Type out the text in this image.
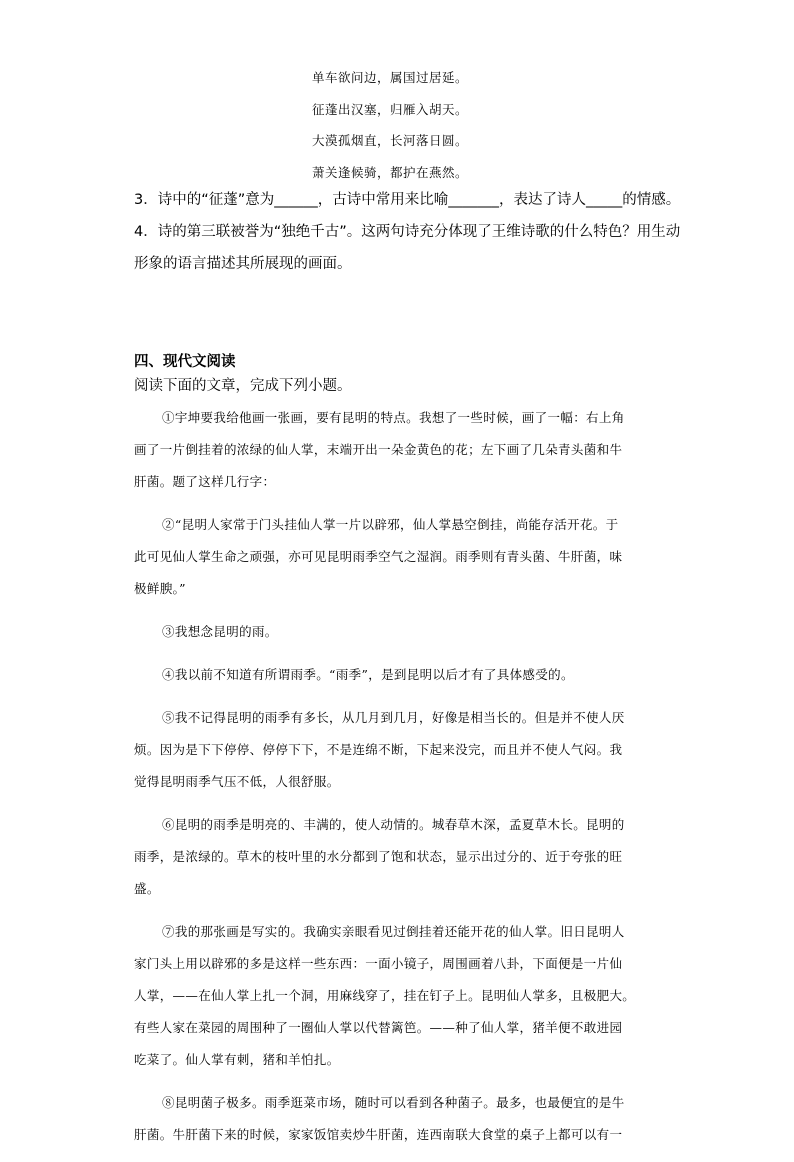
单车欲问边，属国过居延。
征蓬出汉塞，归雁入胡天。
大漠孤烟直，长河落日圆。
萧关逢候骑，都护在燕然。
3．诗中的“征蓬”意为______，古诗中常用来比喻_______，表达了诗人_____的情感。
4．诗的第三联被誉为“独绝千古”。这两句诗充分体现了王维诗歌的什么特色？用生动
形象的语言描述其所展现的画面。
四、现代文阅读
阅读下面的文章，完成下列小题。
①宇坤要我给他画一张画，要有昆明的特点。我想了一些时候，画了一幅：右上角
画了一片倒挂着的浓绿的仙人掌，末端开出一朵金黄色的花；左下画了几朵青头菌和牛
肝菌。题了这样几行字：
②“昆明人家常于门头挂仙人掌一片以辟邪，仙人掌悬空倒挂，尚能存活开花。于
此可见仙人掌生命之顽强，亦可见昆明雨季空气之湿润。雨季则有青头菌、牛肝菌，味
极鲜腴。”
③我想念昆明的雨。
④我以前不知道有所谓雨季。“雨季”，是到昆明以后才有了具体感受的。
⑤我不记得昆明的雨季有多长，从几月到几月，好像是相当长的。但是并不使人厌
烦。因为是下下停停、停停下下，不是连绵不断，下起来没完，而且并不使人气闷。我
觉得昆明雨季气压不低，人很舒服。
⑥昆明的雨季是明亮的、丰满的，使人动情的。城春草木深，孟夏草木长。昆明的
雨季，是浓绿的。草木的枝叶里的水分都到了饱和状态，显示出过分的、近于夸张的旺
盛。
⑦我的那张画是写实的。我确实亲眼看见过倒挂着还能开花的仙人掌。旧日昆明人
家门头上用以辟邪的多是这样一些东西：一面小镜子，周围画着八卦，下面便是一片仙
人掌，——在仙人掌上扎一个洞，用麻线穿了，挂在钉子上。昆明仙人掌多，且极肥大。
有些人家在菜园的周围种了一圈仙人掌以代替篱笆。——种了仙人掌，猪羊便不敢进园
吃菜了。仙人掌有刺，猪和羊怕扎。
⑧昆明菌子极多。雨季逛菜市场，随时可以看到各种菌子。最多，也最便宜的是牛
肝菌。牛肝菌下来的时候，家家饭馆卖炒牛肝菌，连西南联大食堂的桌子上都可以有一
